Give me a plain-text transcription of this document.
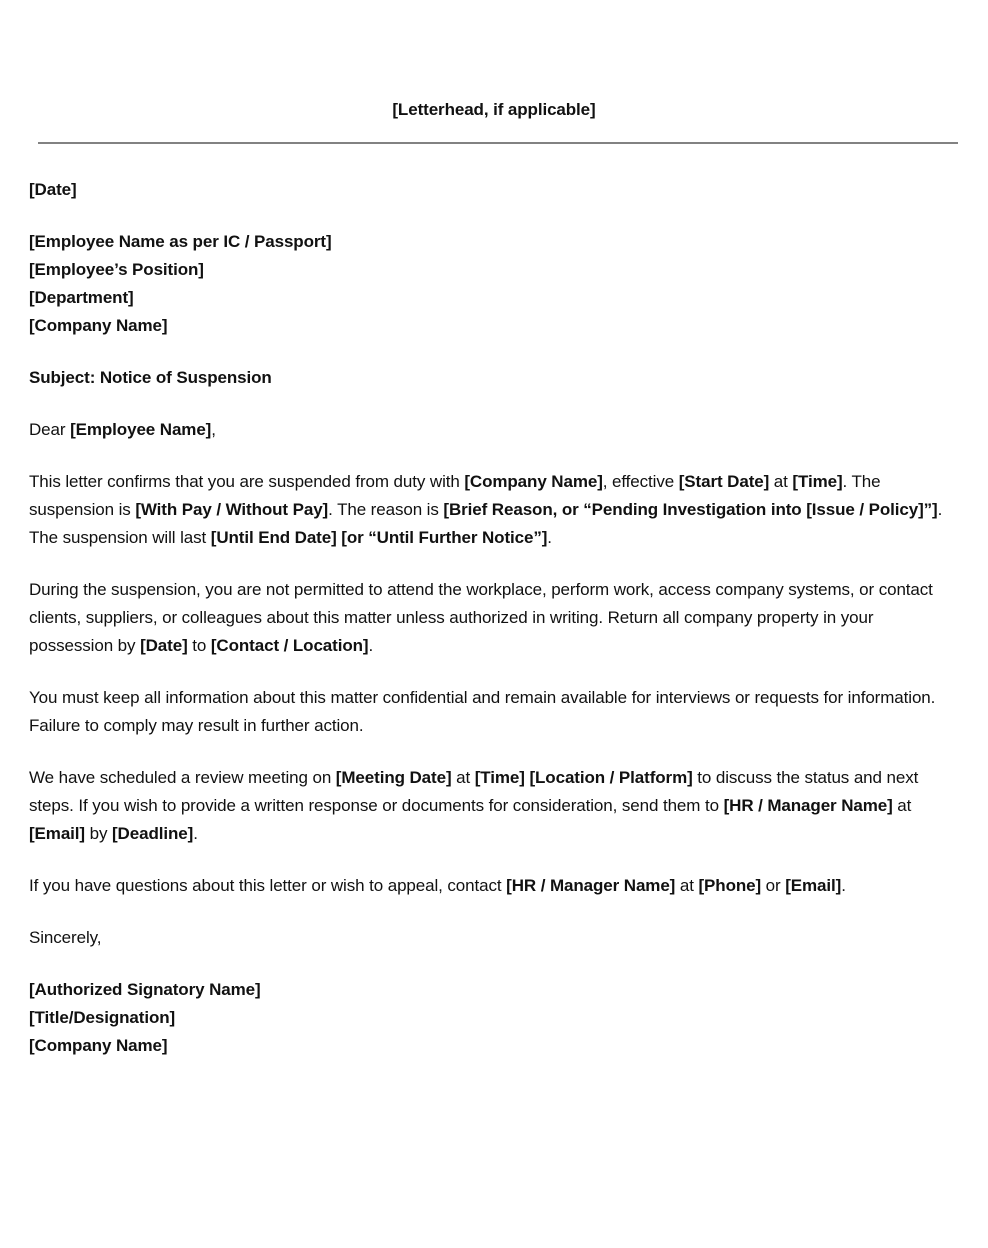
[Letterhead, if applicable]

[Date]

[Employee Name as per IC / Passport]
[Employee’s Position]
[Department]
[Company Name]

Subject: Notice of Suspension

Dear [Employee Name],

This letter confirms that you are suspended from duty with [Company Name], effective [Start Date] at [Time]. The suspension is [With Pay / Without Pay]. The reason is [Brief Reason, or “Pending Investigation into [Issue / Policy]”]. The suspension will last [Until End Date] [or “Until Further Notice”].

During the suspension, you are not permitted to attend the workplace, perform work, access company systems, or contact clients, suppliers, or colleagues about this matter unless authorized in writing. Return all company property in your possession by [Date] to [Contact / Location].

You must keep all information about this matter confidential and remain available for interviews or requests for information. Failure to comply may result in further action.

We have scheduled a review meeting on [Meeting Date] at [Time] [Location / Platform] to discuss the status and next steps. If you wish to provide a written response or documents for consideration, send them to [HR / Manager Name] at [Email] by [Deadline].

If you have questions about this letter or wish to appeal, contact [HR / Manager Name] at [Phone] or [Email].

Sincerely,

[Authorized Signatory Name]
[Title/Designation]
[Company Name]
